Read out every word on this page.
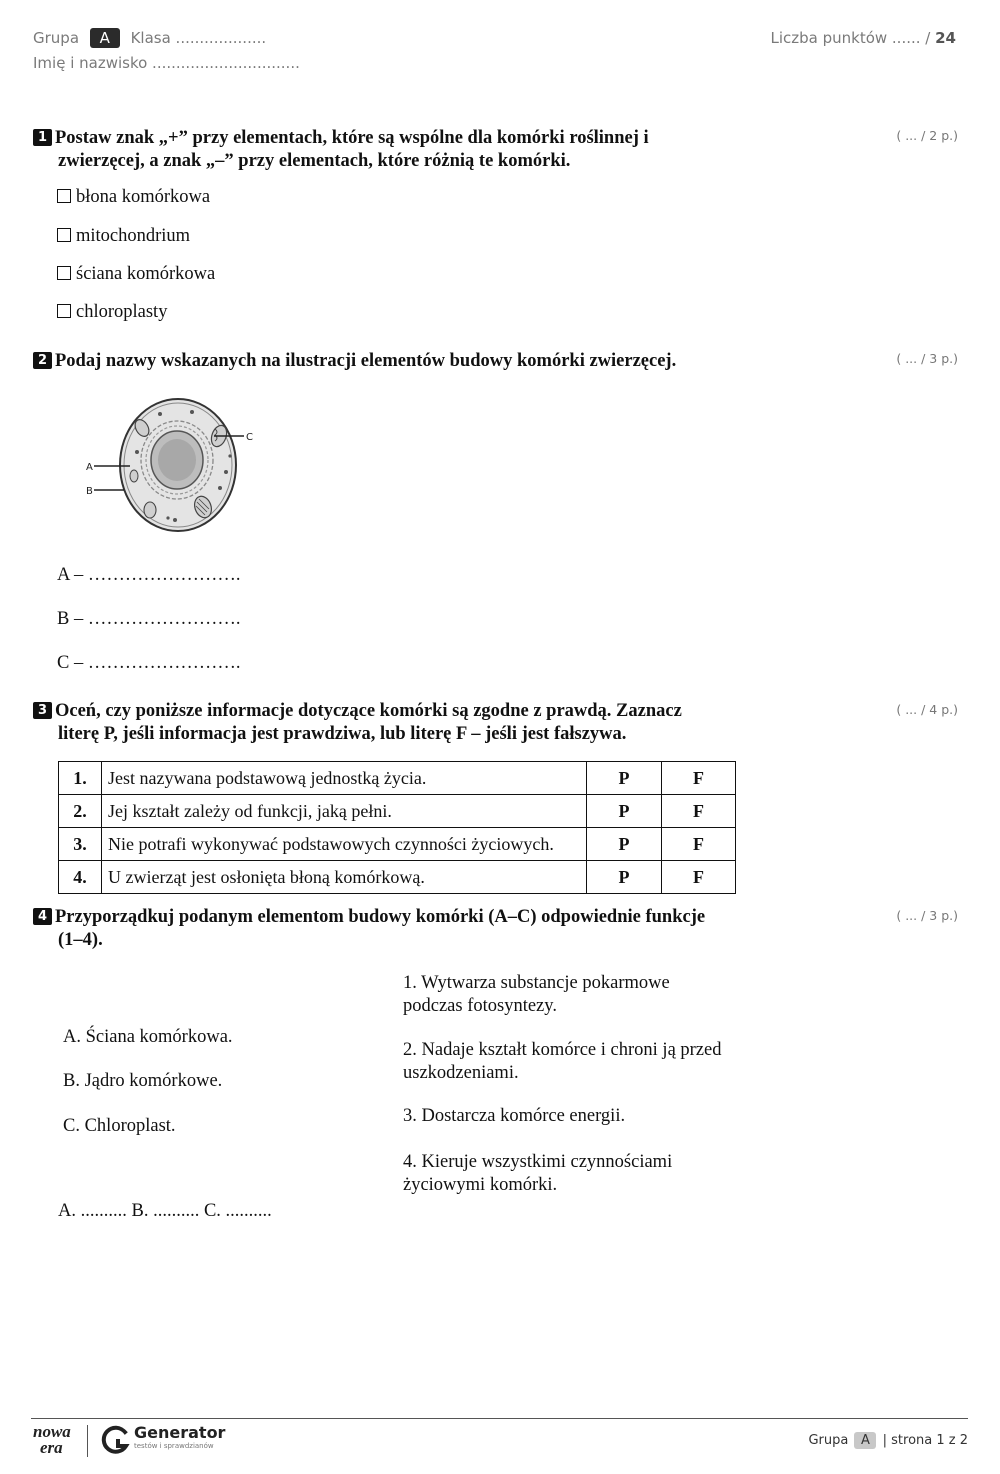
Grupa A Klasa ...................
Imię i nazwisko ...............................
Liczba punktów ...... / 24
1 Postaw znak „+” przy elementach, które są wspólne dla komórki roślinnej i
zwierzęcej, a znak „–” przy elementach, które różnią te komórki.
( ... / 2 p.)
błona komórkowa
mitochondrium
ściana komórkowa
chloroplasty
2 Podaj nazwy wskazanych na ilustracji elementów budowy komórki zwierzęcej.	( ... / 3 p.)
C
A
B
A – …………………….
B – …………………….
C – …………………….
3 Oceń, czy poniższe informacje dotyczące komórki są zgodne z prawdą. Zaznacz
literę P, jeśli informacja jest prawdziwa, lub literę F – jeśli jest fałszywa.
( ... / 4 p.)
1.	Jest nazywana podstawową jednostką życia.	P	F
2.	Jej kształt zależy od funkcji, jaką pełni.	P	F
3.	Nie potrafi wykonywać podstawowych czynności życiowych.	P	F
4.	U zwierząt jest osłonięta błoną komórkową.	P	F
4 Przyporządkuj podanym elementom budowy komórki (A–C) odpowiednie funkcje
(1–4).
( ... / 3 p.)
A. Ściana komórkowa.
B. Jądro komórkowe.
C. Chloroplast.
1. Wytwarza substancje pokarmowe
podczas fotosyntezy.
2. Nadaje kształt komórce i chroni ją przed
uszkodzeniami.
3. Dostarcza komórce energii.
4. Kieruje wszystkimi czynnościami
życiowymi komórki.
A. .......... B. .......... C. ..........
nowa
era
Generator
testów i sprawdzianów	Grupa A | strona 1 z 2
